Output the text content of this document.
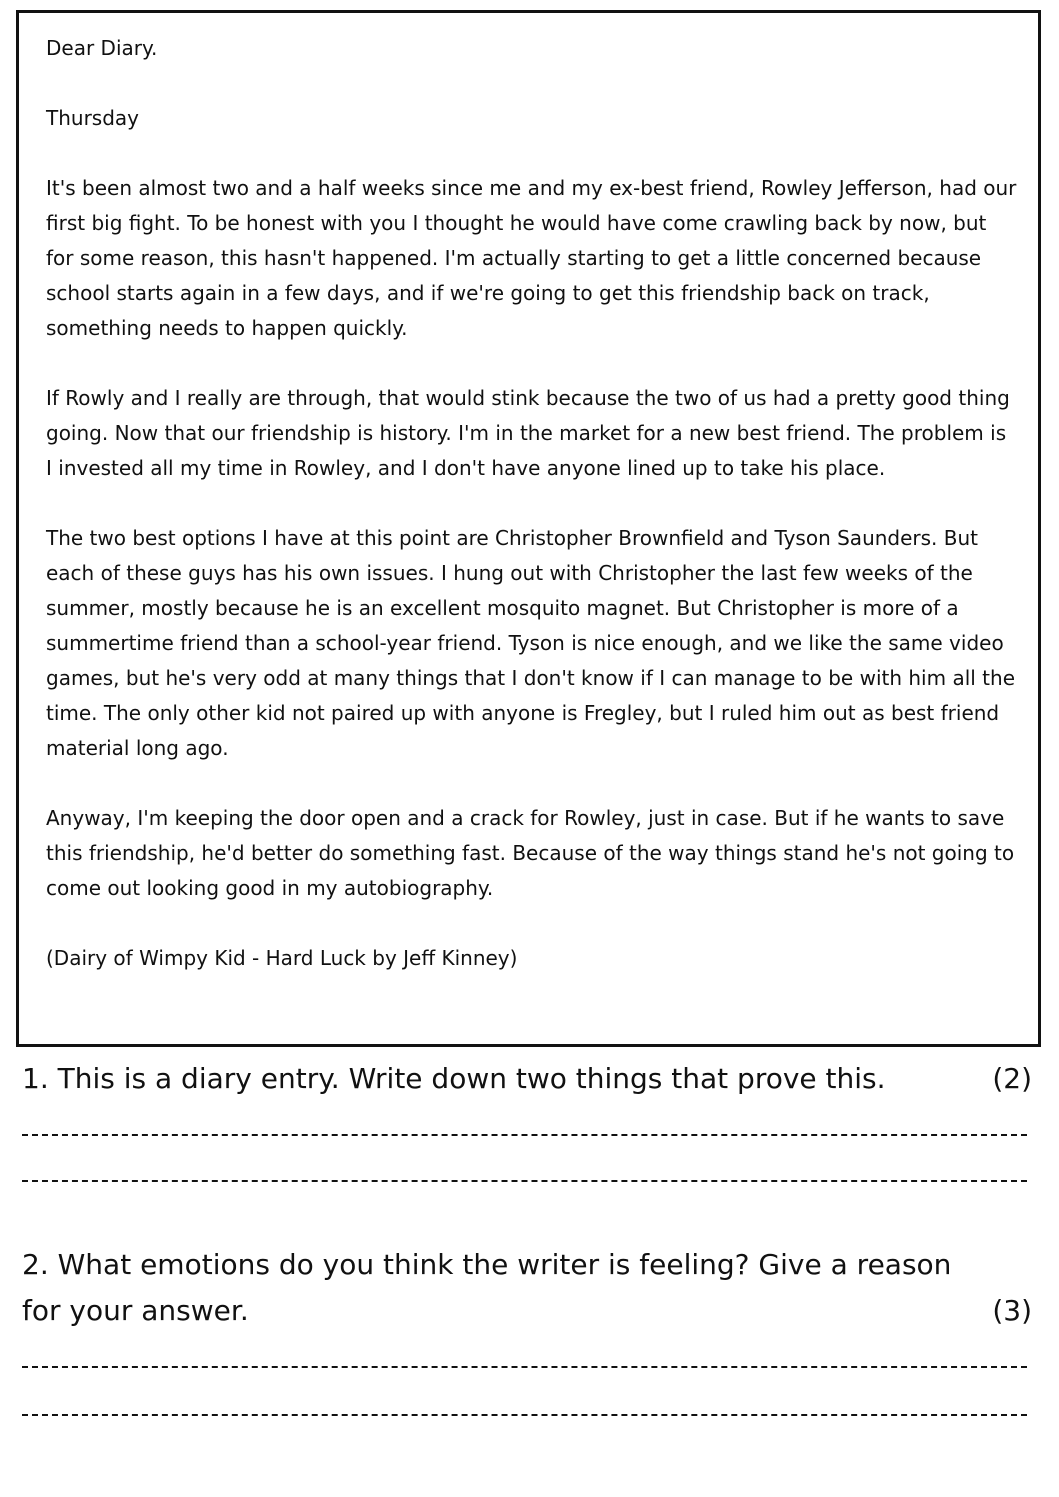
Dear Diary.

Thursday

It's been almost two and a half weeks since me and my ex-best friend, Rowley Jefferson, had our first big fight. To be honest with you I thought he would have come crawling back by now, but for some reason, this hasn't happened. I'm actually starting to get a little concerned because school starts again in a few days, and if we're going to get this friendship back on track, something needs to happen quickly.

If Rowly and I really are through, that would stink because the two of us had a pretty good thing going. Now that our friendship is history. I'm in the market for a new best friend. The problem is I invested all my time in Rowley, and I don't have anyone lined up to take his place.

The two best options I have at this point are Christopher Brownfield and Tyson Saunders. But each of these guys has his own issues. I hung out with Christopher the last few weeks of the summer, mostly because he is an excellent mosquito magnet. But Christopher is more of a summertime friend than a school-year friend. Tyson is nice enough, and we like the same video games, but he's very odd at many things that I don't know if I can manage to be with him all the time. The only other kid not paired up with anyone is Fregley, but I ruled him out as best friend material long ago.

Anyway, I'm keeping the door open and a crack for Rowley, just in case. But if he wants to save this friendship, he'd better do something fast. Because of the way things stand he's not going to come out looking good in my autobiography.

(Dairy of Wimpy Kid - Hard Luck by Jeff Kinney)

1. This is a diary entry. Write down two things that prove this.	(2)
2. What emotions do you think the writer is feeling? Give a reason
for your answer.	(3)
